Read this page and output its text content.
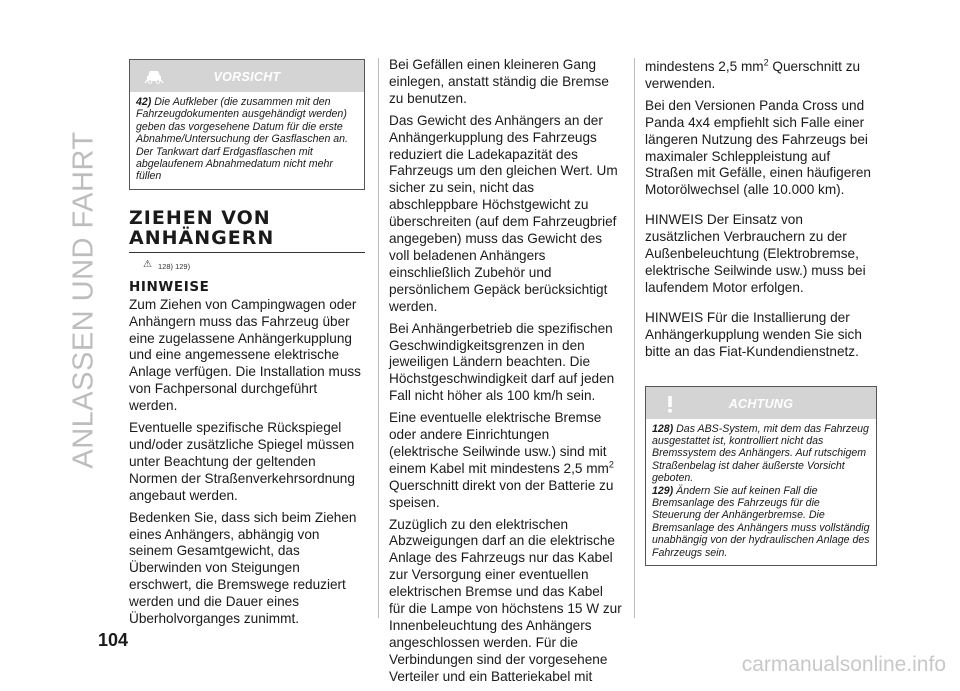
ANLASSEN UND FAHRT
104
carmanualsonline.info
VORSICHT

42) Die Aufkleber (die zusammen mit den Fahrzeugdokumenten ausgehändigt werden) geben das vorgesehene Datum für die erste Abnahme/Untersuchung der Gasflaschen an. Der Tankwart darf Erdgasflaschen mit abgelaufenem Abnahmedatum nicht mehr füllen

ZIEHEN VON
ANHÄNGERN
⚠ 128) 129)
HINWEISE

Zum Ziehen von Campingwagen oder Anhängern muss das Fahrzeug über eine zugelassene Anhängerkupplung und eine angemessene elektrische Anlage verfügen. Die Installation muss von Fachpersonal durchgeführt werden.

Eventuelle spezifische Rückspiegel und/oder zusätzliche Spiegel müssen unter Beachtung der geltenden Normen der Straßenverkehrsordnung angebaut werden.

Bedenken Sie, dass sich beim Ziehen eines Anhängers, abhängig von seinem Gesamtgewicht, das Überwinden von Steigungen erschwert, die Bremswege reduziert werden und die Dauer eines Überholvorganges zunimmt.

Bei Gefällen einen kleineren Gang einlegen, anstatt ständig die Bremse zu benutzen.

Das Gewicht des Anhängers an der Anhängerkupplung des Fahrzeugs reduziert die Ladekapazität des Fahrzeugs um den gleichen Wert. Um sicher zu sein, nicht das abschleppbare Höchstgewicht zu überschreiten (auf dem Fahrzeugbrief angegeben) muss das Gewicht des voll beladenen Anhängers einschließlich Zubehör und persönlichem Gepäck berücksichtigt werden.

Bei Anhängerbetrieb die spezifischen Geschwindigkeitsgrenzen in den jeweiligen Ländern beachten. Die Höchstgeschwindigkeit darf auf jeden Fall nicht höher als 100 km/h sein.

Eine eventuelle elektrische Bremse oder andere Einrichtungen (elektrische Seilwinde usw.) sind mit einem Kabel mit mindestens 2,5 $mm^2$ Querschnitt direkt von der Batterie zu speisen.

Zuzüglich zu den elektrischen Abzweigungen darf an die elektrische Anlage des Fahrzeugs nur das Kabel zur Versorgung einer eventuellen elektrischen Bremse und das Kabel für die Lampe von höchstens 15 W zur Innenbeleuchtung des Anhängers angeschlossen werden. Für die Verbindungen sind der vorgesehene Verteiler und ein Batteriekabel mit

mindestens 2,5 $mm^2$ Querschnitt zu verwenden.

Bei den Versionen Panda Cross und Panda 4x4 empfiehlt sich Falle einer längeren Nutzung des Fahrzeugs bei maximaler Schleppleistung auf Straßen mit Gefälle, einen häufigeren Motorölwechsel (alle 10.000 km).

HINWEIS Der Einsatz von zusätzlichen Verbrauchern zu der Außenbeleuchtung (Elektrobremse, elektrische Seilwinde usw.) muss bei laufendem Motor erfolgen.

HINWEIS Für die Installierung der Anhängerkupplung wenden Sie sich bitte an das Fiat-Kundendienstnetz.

ACHTUNG

128) Das ABS-System, mit dem das Fahrzeug ausgestattet ist, kontrolliert nicht das Bremssystem des Anhängers. Auf rutschigem Straßenbelag ist daher äußerste Vorsicht geboten.

129) Ändern Sie auf keinen Fall die Bremsanlage des Fahrzeugs für die Steuerung der Anhängerbremse. Die Bremsanlage des Anhängers muss vollständig unabhängig von der hydraulischen Anlage des Fahrzeugs sein.
